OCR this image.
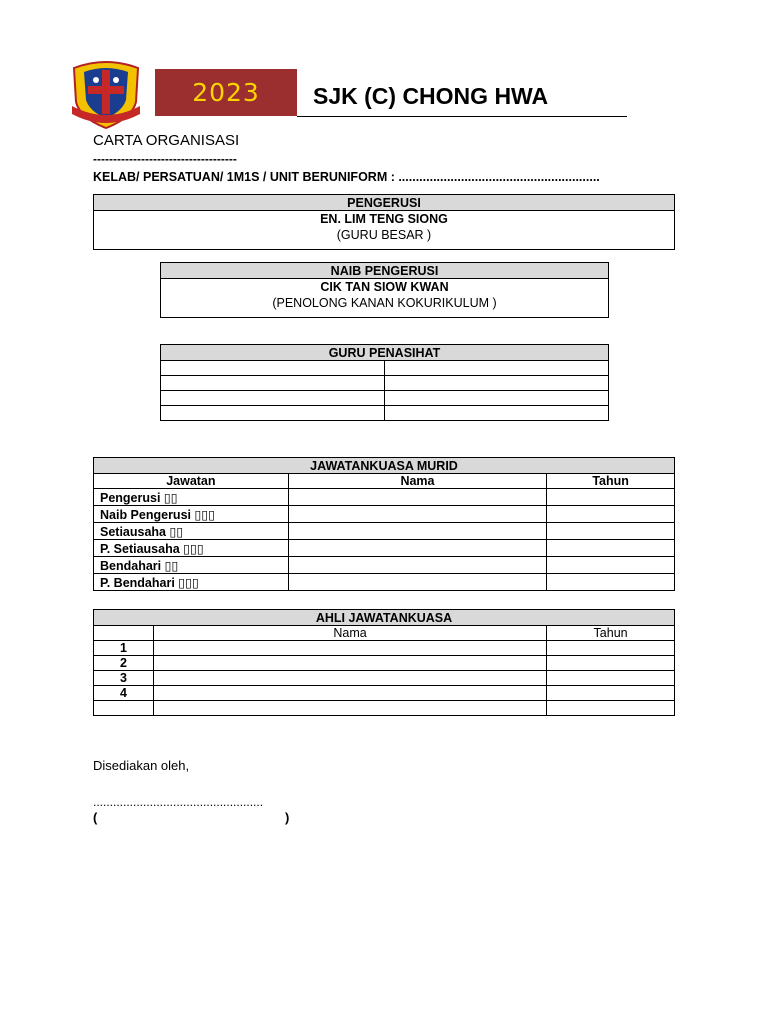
2023	SJK (C) CHONG HWA
CARTA ORGANISASI
------------------------------------
KELAB/ PERSATUAN/ 1M1S / UNIT BERUNIFORM : ..........................................................
PENGERUSI

EN. LIM TENG SIONG
(GURU BESAR )
NAIB PENGERUSI

CIK TAN SIOW KWAN
(PENOLONG KANAN KOKURIKULUM )
GURU PENASIHAT	

JAWATANKUASA MURID		
Jawatan	Nama	Tahun
Pengerusi ▯▯		
Naib Pengerusi ▯▯▯		
Setiausaha ▯▯		
P. Setiausaha ▯▯▯		
Bendahari ▯▯		
P. Bendahari ▯▯▯		
AHLI JAWATANKUASA		
	Nama	Tahun
1		
2		
3		
4		

Disediakan oleh,
...................................................
(	)
